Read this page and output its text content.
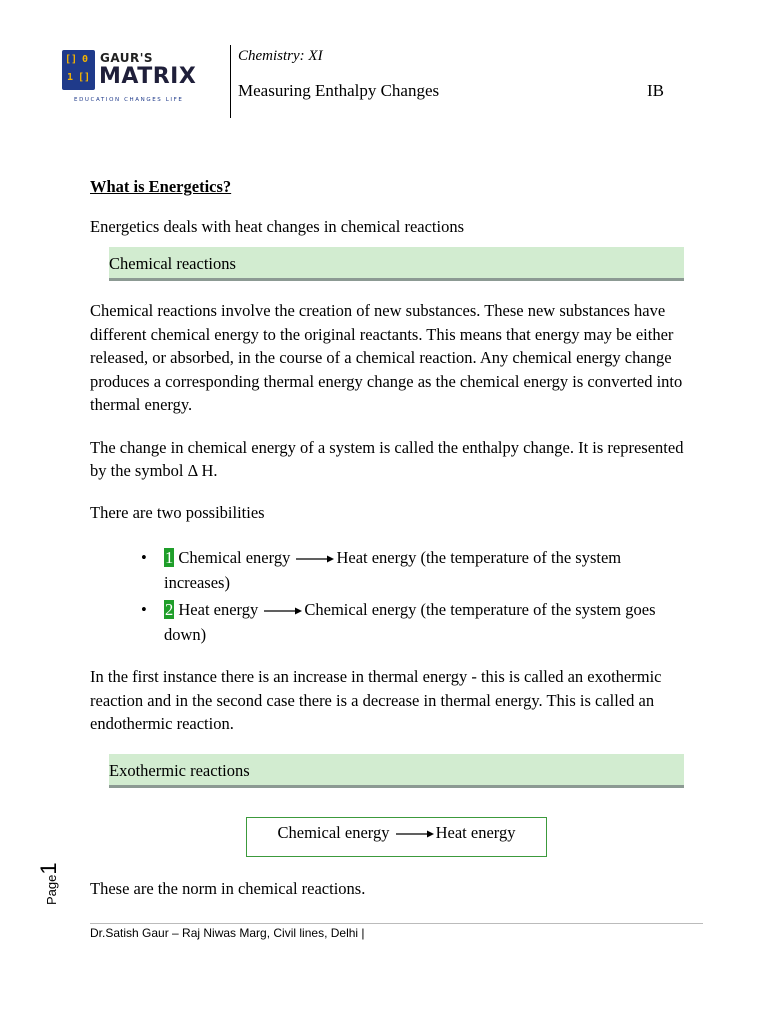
[] 0
1 []
GAUR'S
MATRIX
EDUCATION CHANGES LIFE
Chemistry: XI
Measuring Enthalpy Changes	IB

What is Energetics?

Energetics deals with heat changes in chemical reactions

Chemical reactions

Chemical reactions involve the creation of new substances. These new substances have different chemical energy to the original reactants. This means that energy may be either released, or absorbed, in the course of a chemical reaction. Any chemical energy change produces a corresponding thermal energy change as the chemical energy is converted into thermal energy.

The change in chemical energy of a system is called the enthalpy change. It is represented by the symbol Δ H.

There are two possibilities

• 1 Chemical energy	Heat energy (the temperature of the system increases)
• 2 Heat energy	Chemical energy (the temperature of the system goes down)

In the first instance there is an increase in thermal energy - this is called an exothermic reaction and in the second case there is a decrease in thermal energy. This is called an endothermic reaction.

Exothermic reactions
Chemical energy	Heat energy

These are the norm in chemical reactions.

Page1
Dr.Satish Gaur – Raj Niwas Marg, Civil lines, Delhi |
